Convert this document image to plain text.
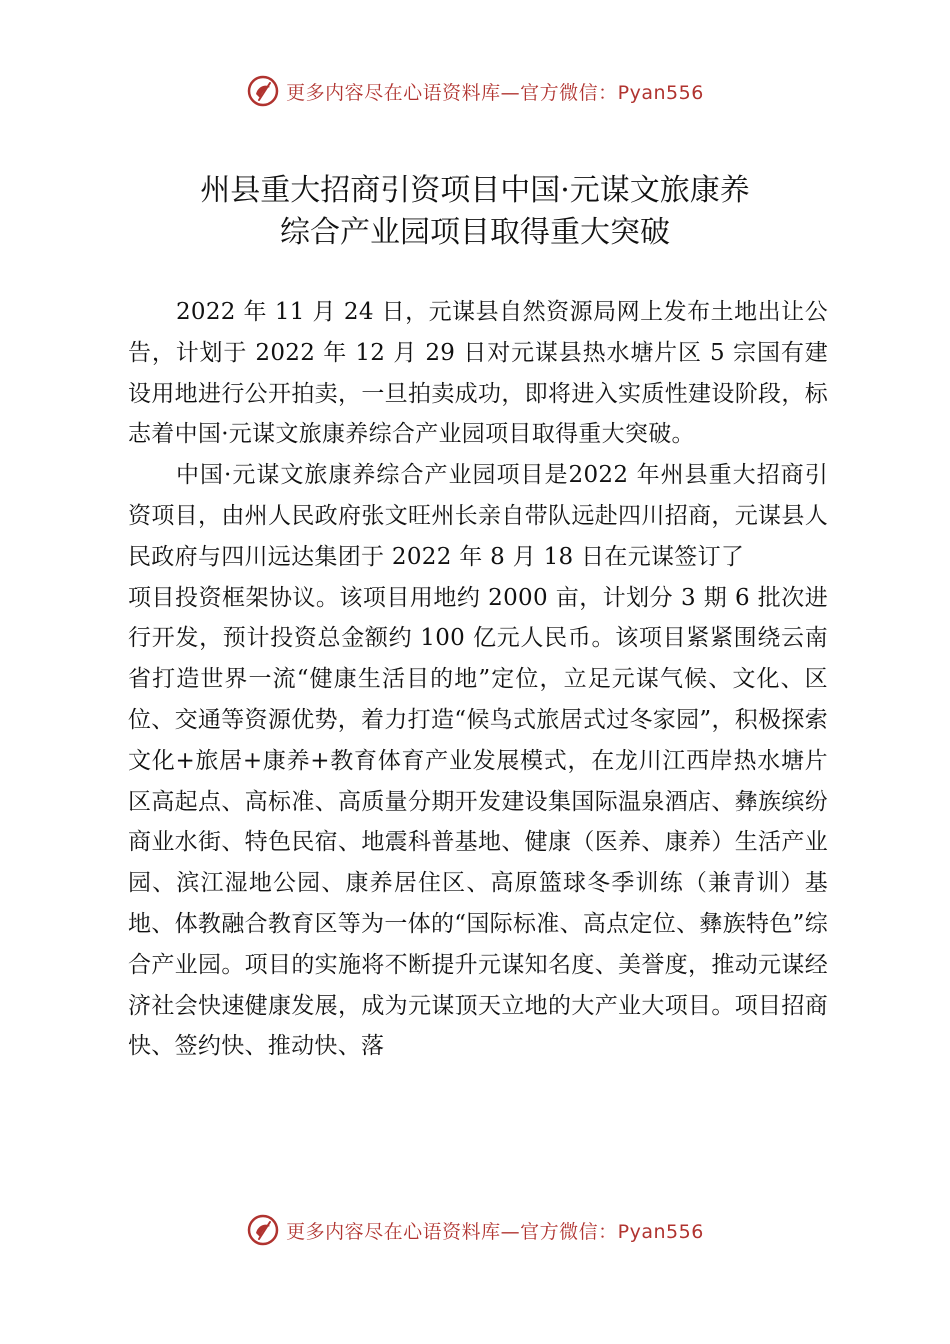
更多内容尽在心语资料库—官方微信：Pyan556
州县重大招商引资项目中国·元谋文旅康养
综合产业园项目取得重大突破

2022 年 11 月 24 日，元谋县自然资源局网上发布土地出让公告，计划于 2022 年 12 月 29 日对元谋县热水塘片区 5 宗国有建设用地进行公开拍卖，一旦拍卖成功，即将进入实质性建设阶段，标志着中国·元谋文旅康养综合产业园项目取得重大突破。

中国·元谋文旅康养综合产业园项目是2022 年州县重大招商引资项目，由州人民政府张文旺州长亲自带队远赴四川招商，元谋县人民政府与四川远达集团于 2022 年 8 月 18 日在元谋签订了

项目投资框架协议。该项目用地约 2000 亩，计划分 3 期 6 批次进行开发，预计投资总金额约 100 亿元人民币。该项目紧紧围绕云南省打造世界一流“健康生活目的地”定位，立足元谋气候、文化、区位、交通等资源优势，着力打造“候鸟式旅居式过冬家园”，积极探索文化+旅居+康养+教育体育产业发展模式，在龙川江西岸热水塘片区高起点、高标准、高质量分期开发建设集国际温泉酒店、彝族缤纷商业水街、特色民宿、地震科普基地、健康（医养、康养）生活产业园、滨江湿地公园、康养居住区、高原篮球冬季训练（兼青训）基地、体教融合教育区等为一体的“国际标准、高点定位、彝族特色”综合产业园。项目的实施将不断提升元谋知名度、美誉度，推动元谋经济社会快速健康发展，成为元谋顶天立地的大产业大项目。项目招商快、签约快、推动快、落

更多内容尽在心语资料库—官方微信：Pyan556
